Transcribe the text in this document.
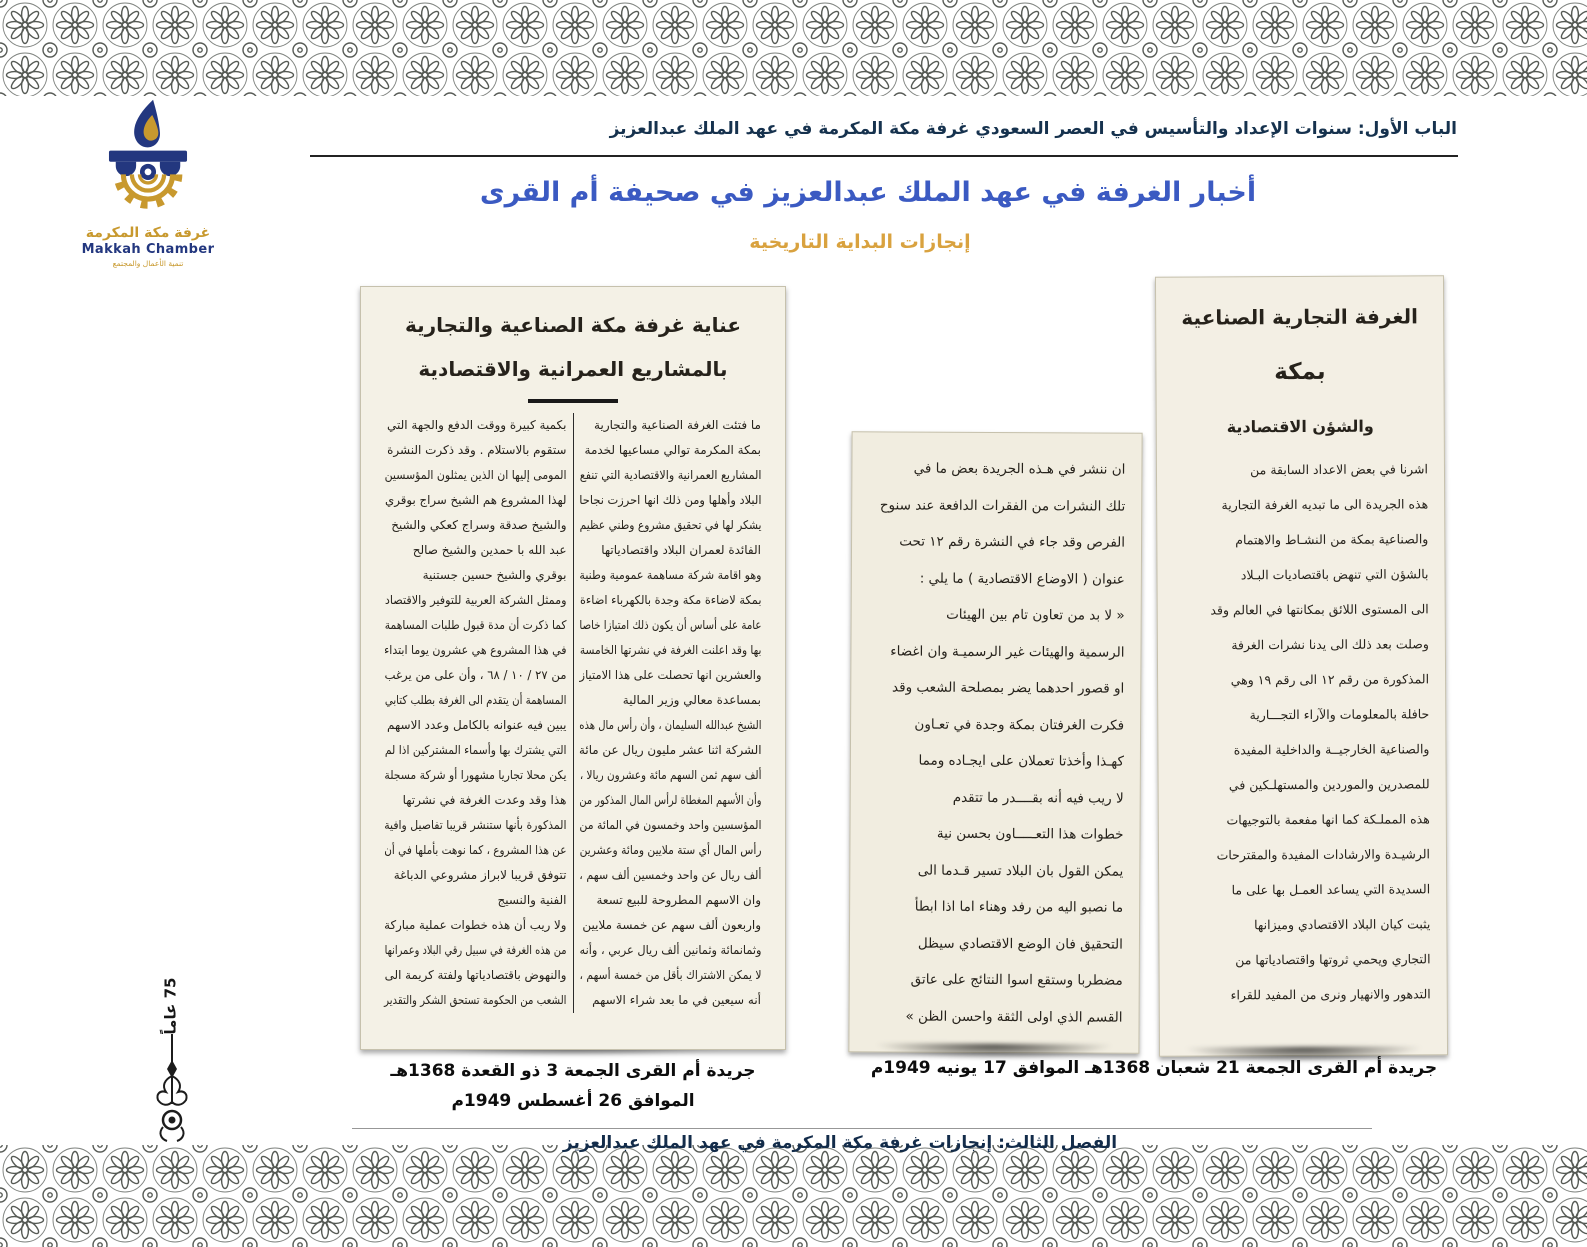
غرفة مكة المكرمة
Makkah Chamber
تنمية الأعمال والمجتمع
الباب الأول: سنوات الإعداد والتأسيس في العصر السعودي غرفة مكة المكرمة في عهد الملك عبدالعزيز
أخبار الغرفة في عهد الملك عبدالعزيز في صحيفة أم القرى
إنجازات البداية التاريخية
عناية غرفة مكة الصناعية والتجارية
بالمشاريع العمرانية والاقتصادية
ما فتئت الغرفة الصناعية والتجارية
بمكة المكرمة توالي مساعيها لخدمة
المشاريع العمرانية والاقتصادية التي تنفع
البلاد وأهلها ومن ذلك انها احرزت نجاحا
يشكر لها في تحقيق مشروع وطني عظيم
الفائدة لعمران البلاد واقتصادياتها
وهو اقامة شركة مساهمة عمومية وطنية
بمكة لاضاءة مكة وجدة بالكهرباء اضاءة
عامة على أساس أن يكون ذلك امتيازا خاصا
بها وقد اعلنت الغرفة في نشرتها الخامسة
والعشرين انها تحصلت على هذا الامتياز
بمساعدة معالي وزير المالية
الشيخ عبدالله السليمان ، وأن رأس مال هذه
الشركة اثنا عشر مليون ريال عن مائة
ألف سهم ثمن السهم مائة وعشرون ريالا ،
وأن الأسهم المغطاة لرأس المال المذكور من
المؤسسين واحد وخمسون في المائة من
رأس المال أي ستة ملايين ومائة وعشرين
ألف ريال عن واحد وخمسين ألف سهم ،
وان الاسهم المطروحة للبيع تسعة
واربعون ألف سهم عن خمسة ملايين
وثمانمائة وثمانين ألف ريال عربي ، وأنه
لا يمكن الاشتراك بأقل من خمسة أسهم ،
أنه سيعين في ما بعد شراء الاسهم
بكمية كبيرة ووقت الدفع والجهة التي
ستقوم بالاستلام . وقد ذكرت النشرة
المومى إليها ان الذين يمثلون المؤسسين
لهذا المشروع هم الشيخ سراج بوقري
والشيخ صدقة وسراج كعكي والشيخ
عبد الله با حمدين والشيخ صالح
بوقري والشيخ حسين جستنية
وممثل الشركة العربية للتوفير والاقتصاد
كما ذكرت أن مدة قبول طلبات المساهمة
في هذا المشروع هي عشرون يوما ابتداء
من ٢٧ / ١٠ / ٦٨ ، وأن على من يرغب
المساهمة أن يتقدم الى الغرفة بطلب كتابي
يبين فيه عنوانه بالكامل وعدد الاسهم
التي يشترك بها وأسماء المشتركين اذا لم
يكن محلا تجاريا مشهورا أو شركة مسجلة
هذا وقد وعدت الغرفة في نشرتها
المذكورة بأنها ستنشر قريبا تفاصيل وافية
عن هذا المشروع ، كما نوهت بأملها في أن
تتوفق قريبا لابراز مشروعي الدباغة
الفنية والنسيج
ولا ريب أن هذه خطوات عملية مباركة
من هذه الغرفة في سبيل رقي البلاد وعمرانها
والنهوض باقتصادياتها ولفتة كريمة الى
الشعب من الحكومة تستحق الشكر والتقدير
ان ننشر في هـذه الجريدة بعض ما في
تلك النشرات من الفقرات الدافعة عند سنوح
الفرص وقد جاء في النشرة رقم ١٢ تحت
عنوان ( الاوضاع الاقتصادية ) ما يلي :
« لا بد من تعاون تام بين الهيئات
الرسمية والهيئات غير الرسميـة وان اغضاء
او قصور احدهما يضر بمصلحة الشعب وقد
فكرت الغرفتان بمكة وجدة في تعـاون
كهـذا وأخذتا تعملان على ايجـاده ومما
لا ريب فيه أنه بقــــدر ما تتقدم
خطوات هذا التعـــــاون بحسن نية
يمكن القول بان البلاد تسير قـدما الى
ما نصبو اليه من رفد وهناء اما اذا ابطأ
التحقيق فان الوضع الاقتصادي سيظل
مضطربا وستقع اسوا النتائج على عاتق
القسم الذي اولى الثقة واحسن الظن »
الغرفة التجارية الصناعية
بمكة
والشؤن الاقتصادية
اشرنا في بعض الاعداد السابقة من
هذه الجريدة الى ما تبديه الغرفة التجارية
والصناعية بمكة من النشـاط والاهتمام
بالشؤن التي تنهض باقتصاديات البـلاد
الى المستوى اللائق بمكانتها في العالم وقد
وصلت بعد ذلك الى يدنا نشرات الغرفة
المذكورة من رقم ١٢ الى رقم ١٩ وهي
حافلة بالمعلومات والآراء التجـــارية
والصناعية الخارجيــة والداخلية المفيدة
للمصدرين والموردين والمستهلـكين في
هذه المملـكة كما انها مفعمة بالتوجيهات
الرشيـدة والارشادات المفيدة والمقترحات
السديدة التي يساعد العمـل بها على ما
يثبت كيان البلاد الاقتصادي وميزانها
التجاري ويحمي ثروتها واقتصادياتها من
التدهور والانهيار ونرى من المفيد للقراء
جريدة أم القرى الجمعة 3 ذو القعدة 1368هـ
الموافق 26 أغسطس 1949م
جريدة أم القرى الجمعة 21 شعبان 1368هـ الموافق 17 يونيه 1949م
75 عاماً
الفصل الثالث: إنجازات غرفة مكة المكرمة في عهد الملك عبدالعزيز
